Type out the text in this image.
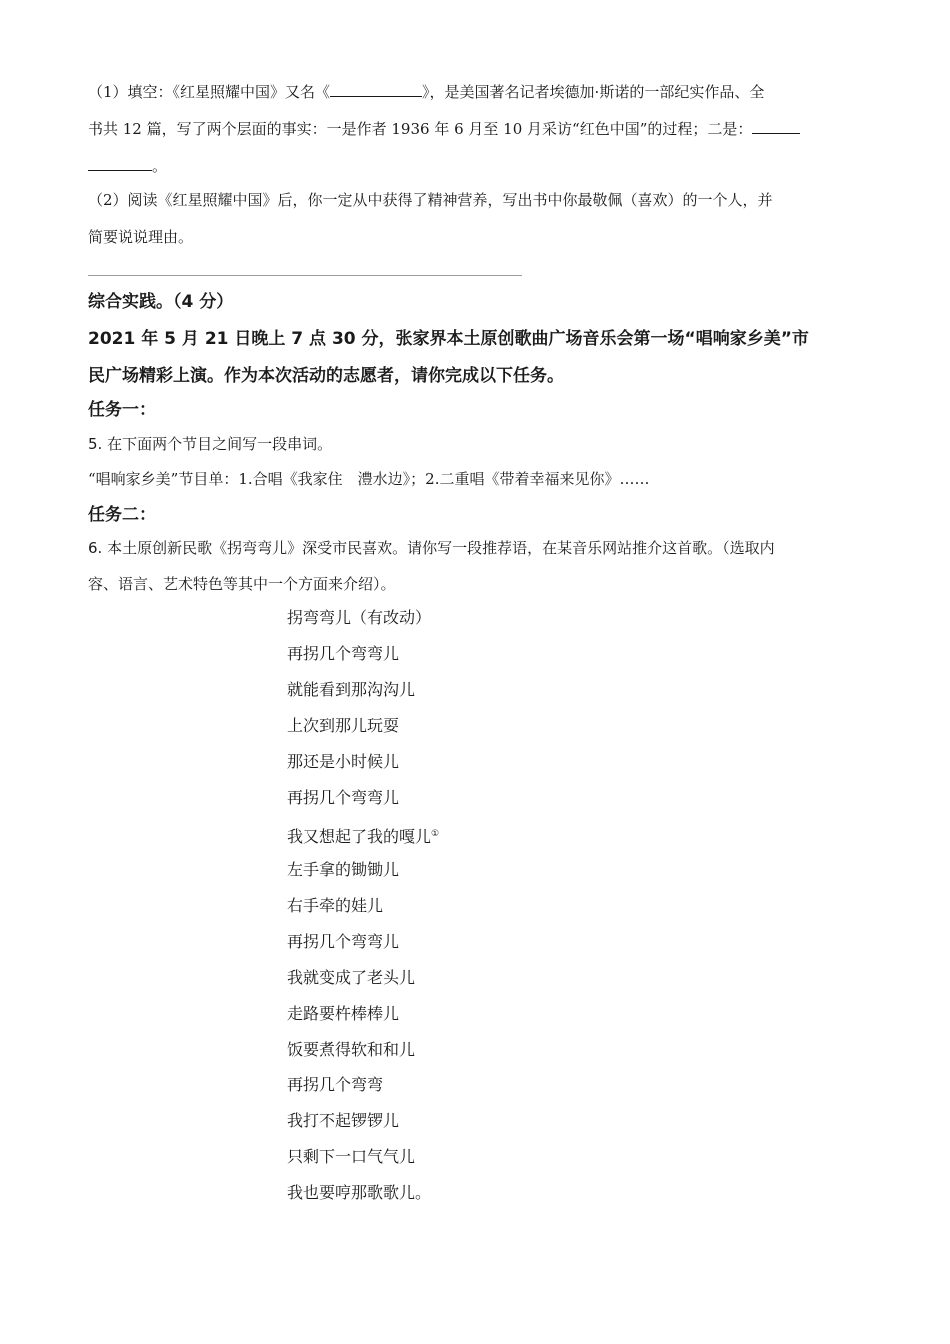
（1）填空：《红星照耀中国》又名《	》，是美国著名记者埃德加·斯诺的一部纪实作品、全
书共 12 篇，写了两个层面的事实：一是作者 1936 年 6 月至 10 月采访“红色中国”的过程；二是：
。
（2）阅读《红星照耀中国》后，你一定从中获得了精神营养，写出书中你最敬佩（喜欢）的一个人，并
简要说说理由。
综合实践。（4 分）
2021 年 5 月 21 日晚上 7 点 30 分，张家界本土原创歌曲广场音乐会第一场“唱响家乡美”市
民广场精彩上演。作为本次活动的志愿者，请你完成以下任务。
任务一：
5. 在下面两个节目之间写一段串词。
“唱响家乡美”节目单：1.合唱《我家住　澧水边》；2.二重唱《带着幸福来见你》……
任务二：
6. 本土原创新民歌《拐弯弯儿》深受市民喜欢。请你写一段推荐语，在某音乐网站推介这首歌。（选取内
容、语言、艺术特色等其中一个方面来介绍）。
拐弯弯儿（有改动）
再拐几个弯弯儿
就能看到那沟沟儿
上次到那儿玩耍
那还是小时候儿
再拐几个弯弯儿
我又想起了我的嘎儿①
左手拿的锄锄儿
右手牵的娃儿
再拐几个弯弯儿
我就变成了老头儿
走路要杵棒棒儿
饭要煮得软和和儿
再拐几个弯弯
我打不起锣锣儿
只剩下一口气气儿
我也要哼那歌歌儿。
